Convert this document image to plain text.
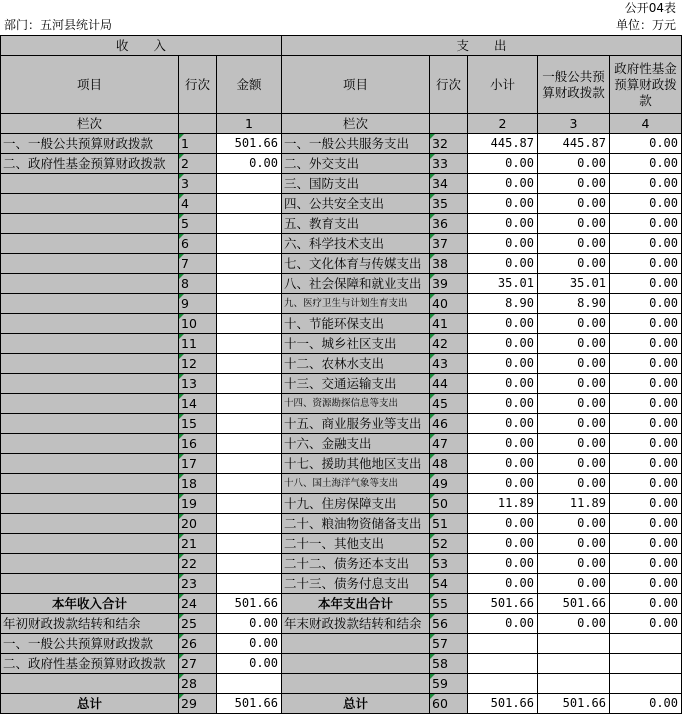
公开04表
部门：五河县统计局	单位：万元
收　　入			支　　出				
项目	行次	金额	项目	行次	小计	一般公共预算财政拨款	政府性基金预算财政拨款
栏次		1	栏次		2	3	4
一、一般公共预算财政拨款	1	501.66	一、一般公共服务支出	32	445.87	445.87	0.00
二、政府性基金预算财政拨款	2	0.00	二、外交支出	33	0.00	0.00	0.00
	3		三、国防支出	34	0.00	0.00	0.00
	4		四、公共安全支出	35	0.00	0.00	0.00
	5		五、教育支出	36	0.00	0.00	0.00
	6		六、科学技术支出	37	0.00	0.00	0.00
	7		七、文化体育与传媒支出	38	0.00	0.00	0.00
	8		八、社会保障和就业支出	39	35.01	35.01	0.00
	9		九、医疗卫生与计划生育支出	40	8.90	8.90	0.00
	10		十、节能环保支出	41	0.00	0.00	0.00
	11		十一、城乡社区支出	42	0.00	0.00	0.00
	12		十二、农林水支出	43	0.00	0.00	0.00
	13		十三、交通运输支出	44	0.00	0.00	0.00
	14		十四、资源勘探信息等支出	45	0.00	0.00	0.00
	15		十五、商业服务业等支出	46	0.00	0.00	0.00
	16		十六、金融支出	47	0.00	0.00	0.00
	17		十七、援助其他地区支出	48	0.00	0.00	0.00
	18		十八、国土海洋气象等支出	49	0.00	0.00	0.00
	19		十九、住房保障支出	50	11.89	11.89	0.00
	20		二十、粮油物资储备支出	51	0.00	0.00	0.00
	21		二十一、其他支出	52	0.00	0.00	0.00
	22		二十二、债务还本支出	53	0.00	0.00	0.00
	23		二十三、债务付息支出	54	0.00	0.00	0.00
本年收入合计	24	501.66	本年支出合计	55	501.66	501.66	0.00
年初财政拨款结转和结余	25	0.00	年末财政拨款结转和结余	56	0.00	0.00	0.00
一、一般公共预算财政拨款	26	0.00		57			
二、政府性基金预算财政拨款	27	0.00		58			
	28			59			
总计	29	501.66	总计	60	501.66	501.66	0.00
